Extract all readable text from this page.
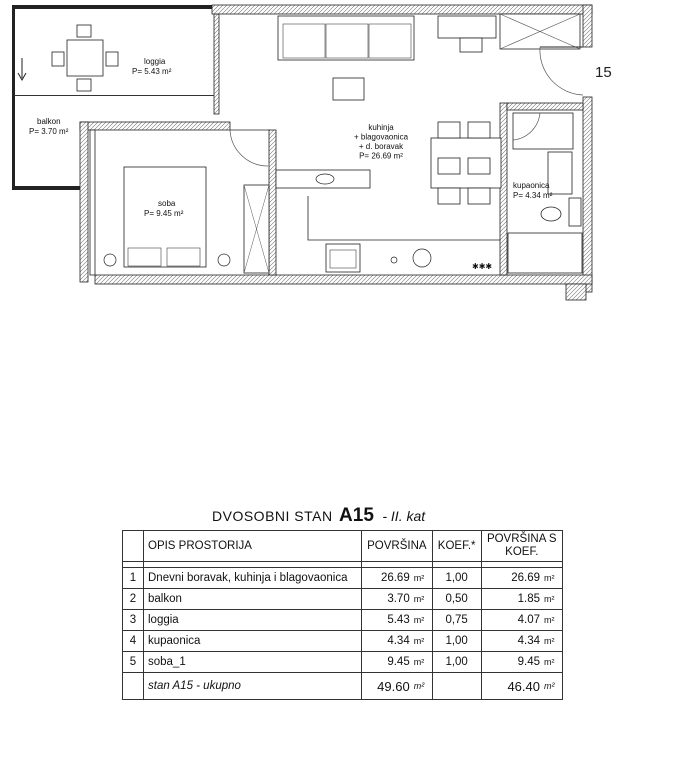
✱✱✱
loggia
P= 5.43 m²
balkon
P= 3.70 m²	kuhinja + blagovaonica + d. boravak P= 26.69 m²
soba
P= 9.45 m²
kupaonica
P= 4.34 m²
15
DVOSOBNI STAN A15 - II. kat
	OPIS PROSTORIJA	POVRŠINA		KOEF.*	POVRŠINA S
KOEF.	

1	Dnevni boravak, kuhinja i blagovaonica	26.69	m²	1,00	26.69	m²
2	balkon	3.70	m²	0,50	1.85	m²
3	loggia	5.43	m²	0,75	4.07	m²
4	kupaonica	4.34	m²	1,00	4.34	m²
5	soba_1	9.45	m²	1,00	9.45	m²
	stan A15 - ukupno	49.60	m²		46.40	m²
